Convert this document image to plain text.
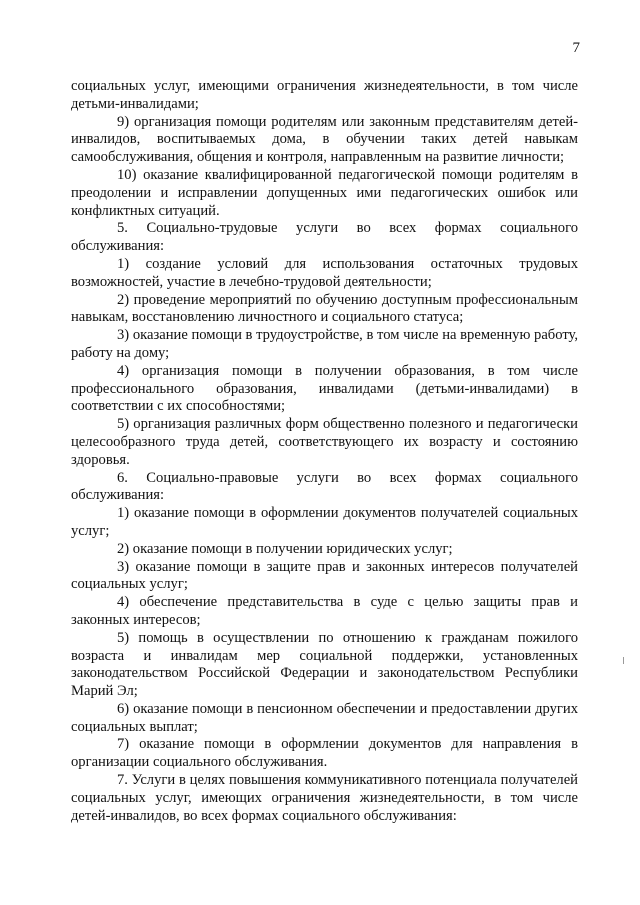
7

социальных услуг, имеющими ограничения жизнедеятельности, в том числе детьми-инвалидами;

9) организация помощи родителям или законным представителям детей-инвалидов, воспитываемых дома, в обучении таких детей навыкам самообслуживания, общения и контроля, направленным на развитие личности;

10) оказание квалифицированной педагогической помощи родителям в преодолении и исправлении допущенных ими педагогических ошибок или конфликтных ситуаций.

5. Социально-трудовые услуги во всех формах социального обслуживания:

1) создание условий для использования остаточных трудовых возможностей, участие в лечебно-трудовой деятельности;

2) проведение мероприятий по обучению доступным профессиональным навыкам, восстановлению личностного и социального статуса;

3) оказание помощи в трудоустройстве, в том числе на временную работу, работу на дому;

4) организация помощи в получении образования, в том числе профессионального образования, инвалидами (детьми-инвалидами) в соответствии с их способностями;

5) организация различных форм общественно полезного и педагогически целесообразного труда детей, соответствующего их возрасту и состоянию здоровья.

6. Социально-правовые услуги во всех формах социального обслуживания:

1) оказание помощи в оформлении документов получателей социальных услуг;

2) оказание помощи в получении юридических услуг;

3) оказание помощи в защите прав и законных интересов получателей социальных услуг;

4) обеспечение представительства в суде с целью защиты прав и законных интересов;

5) помощь в осуществлении по отношению к гражданам пожилого возраста и инвалидам мер социальной поддержки, установленных законодательством Российской Федерации и законодательством Республики Марий Эл;

6) оказание помощи в пенсионном обеспечении и предоставлении других социальных выплат;

7) оказание помощи в оформлении документов для направления в организации социального обслуживания.

7. Услуги в целях повышения коммуникативного потенциала получателей социальных услуг, имеющих ограничения жизнедеятельности, в том числе детей-инвалидов, во всех формах социального обслуживания:
